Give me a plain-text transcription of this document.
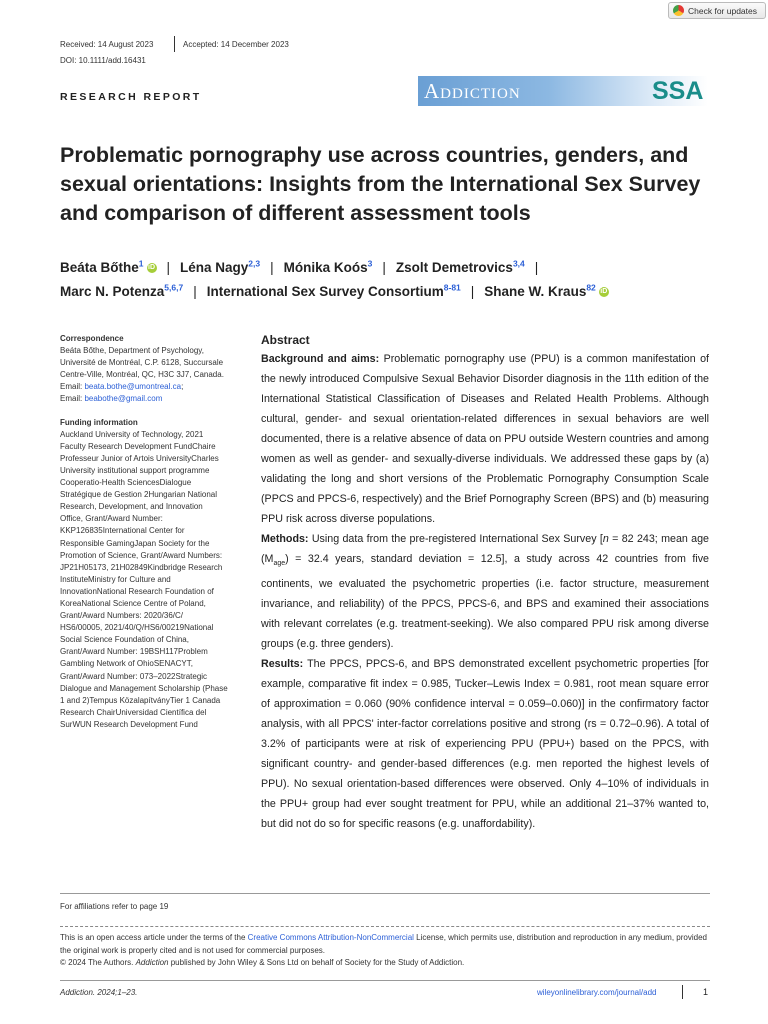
Check for updates
Received: 14 August 2023	Accepted: 14 December 2023
DOI: 10.1111/add.16431
RESEARCH REPORT	Addiction	SSA
Problematic pornography use across countries, genders, and sexual orientations: Insights from the International Sex Survey and comparison of different assessment tools
Beáta Bőthe$^1$ iD | Léna Nagy$^{2,3}$ | Mónika Koós$^3$ | Zsolt Demetrovics$^{3,4}$ |
Marc N. Potenza$^{5,6,7}$ | International Sex Survey Consortium$^{8-81}$ | Shane W. Kraus$^{82}$ iD
Correspondence
Beáta Bőthe, Department of Psychology,
Université de Montréal, C.P. 6128, Succursale
Centre-Ville, Montréal, QC, H3C 3J7, Canada.
Email: beata.bothe@umontreal.ca;
Email: beabothe@gmail.com
Funding information
Auckland University of Technology, 2021
Faculty Research Development FundChaire
Professeur Junior of Artois UniversityCharles
University institutional support programme
Cooperatio-Health SciencesDialogue
Stratégique de Gestion 2Hungarian National
Research, Development, and Innovation
Office, Grant/Award Number:
KKP126835International Center for
Responsible GamingJapan Society for the
Promotion of Science, Grant/Award Numbers:
JP21H05173, 21H02849Kindbridge Research
InstituteMinistry for Culture and
InnovationNational Research Foundation of
KoreaNational Science Centre of Poland,
Grant/Award Numbers: 2020/36/C/
HS6/00005, 2021/40/Q/HS6/00219National
Social Science Foundation of China,
Grant/Award Number: 19BSH117Problem
Gambling Network of OhioSENACYT,
Grant/Award Number: 073–2022Strategic
Dialogue and Management Scholarship (Phase
1 and 2)Tempus KözalapítványTier 1 Canada
Research ChairUniversidad Científica del
SurWUN Research Development Fund
Abstract

Background and aims: Problematic pornography use (PPU) is a common manifestation of the newly introduced Compulsive Sexual Behavior Disorder diagnosis in the 11th edition of the International Statistical Classification of Diseases and Related Health Problems. Although cultural, gender- and sexual orientation-related differences in sexual behaviors are well documented, there is a relative absence of data on PPU outside Western countries and among women as well as gender- and sexually-diverse individuals. We addressed these gaps by (a) validating the long and short versions of the Problematic Pornography Consumption Scale (PPCS and PPCS-6, respectively) and the Brief Pornography Screen (BPS) and (b) measuring PPU risk across diverse populations.

Methods: Using data from the pre-registered International Sex Survey [n = 82 243; mean age $(M_{age}) = 32.4$ years, standard deviation = 12.5], a study across 42 countries from five continents, we evaluated the psychometric properties (i.e. factor structure, measurement invariance, and reliability) of the PPCS, PPCS-6, and BPS and examined their associations with relevant correlates (e.g. treatment-seeking). We also compared PPU risk among diverse groups (e.g. three genders).

Results: The PPCS, PPCS-6, and BPS demonstrated excellent psychometric properties [for example, comparative fit index = 0.985, Tucker–Lewis Index = 0.981, root mean square error of approximation = 0.060 (90% confidence interval = 0.059–0.060)] in the confirmatory factor analysis, with all PPCS' inter-factor correlations positive and strong (rs = 0.72–0.96). A total of 3.2% of participants were at risk of experiencing PPU (PPU+) based on the PPCS, with significant country- and gender-based differences (e.g. men reported the highest levels of PPU). No sexual orientation-based differences were observed. Only 4–10% of individuals in the PPU+ group had ever sought treatment for PPU, while an additional 21–37% wanted to, but did not do so for specific reasons (e.g. unaffordability).

For affiliations refer to page 19
This is an open access article under the terms of the Creative Commons Attribution-NonCommercial License, which permits use, distribution and reproduction in any medium, provided the original work is properly cited and is not used for commercial purposes.
© 2024 The Authors. Addiction published by John Wiley & Sons Ltd on behalf of Society for the Study of Addiction.
Addiction. 2024;1–23.	wileyonlinelibrary.com/journal/add	1
